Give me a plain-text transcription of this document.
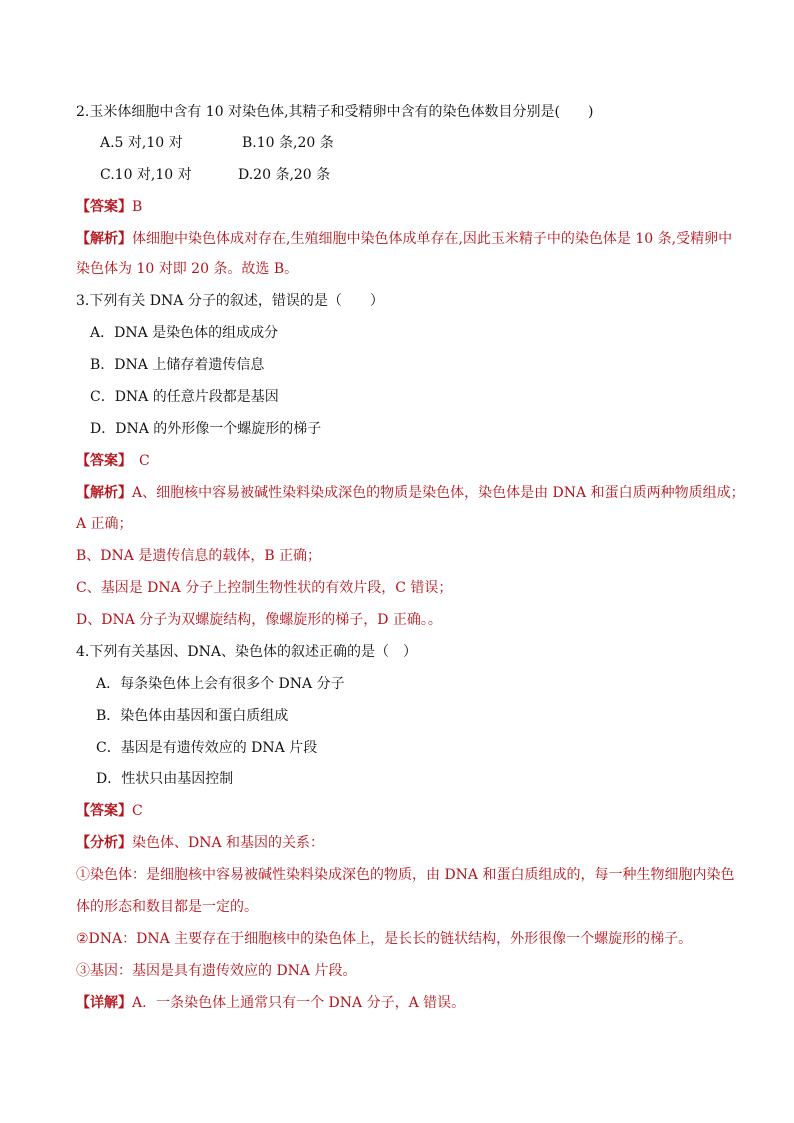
2.玉米体细胞中含有 10 对染色体,其精子和受精卵中含有的染色体数目分别是(　　)
A.5 对,10 对	B.10 条,20 条
C.10 对,10 对	D.20 条,20 条
【答案】B
【解析】体细胞中染色体成对存在,生殖细胞中染色体成单存在,因此玉米精子中的染色体是 10 条,受精卵中
染色体为 10 对即 20 条。故选 B。
3.下列有关 DNA 分子的叙述，错误的是（　　）
A．DNA 是染色体的组成成分
B．DNA 上储存着遗传信息
C．DNA 的任意片段都是基因
D．DNA 的外形像一个螺旋形的梯子
【答案】　C
【解析】A、细胞核中容易被碱性染料染成深色的物质是染色体，染色体是由 DNA 和蛋白质两种物质组成；
A 正确；
B、DNA 是遗传信息的载体，B 正确；
C、基因是 DNA 分子上控制生物性状的有效片段，C 错误；
D、DNA 分子为双螺旋结构，像螺旋形的梯子，D 正确。。
4.下列有关基因、DNA、染色体的叙述正确的是（　）
A．每条染色体上会有很多个 DNA 分子
B．染色体由基因和蛋白质组成
C．基因是有遗传效应的 DNA 片段
D．性状只由基因控制
【答案】C
【分析】染色体、DNA 和基因的关系：
①染色体：是细胞核中容易被碱性染料染成深色的物质，由 DNA 和蛋白质组成的，每一种生物细胞内染色
体的形态和数目都是一定的。
②DNA：DNA 主要存在于细胞核中的染色体上，是长长的链状结构，外形很像一个螺旋形的梯子。
③基因：基因是具有遗传效应的 DNA 片段。
【详解】A．一条染色体上通常只有一个 DNA 分子，A 错误。
